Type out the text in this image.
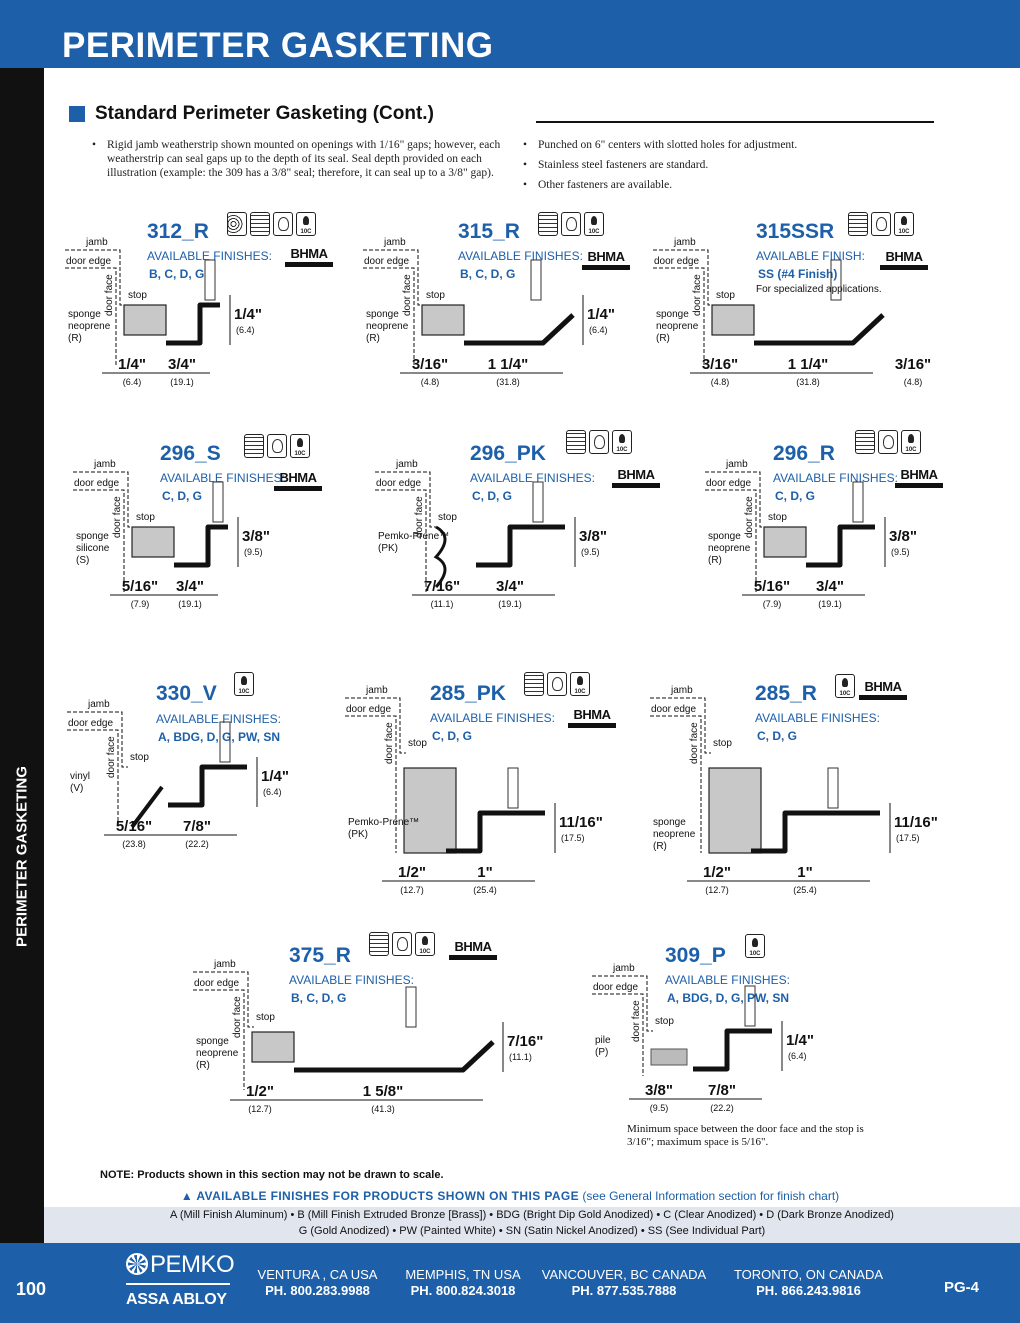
PERIMETER GASKETING
PERIMETER GASKETING
Standard Perimeter Gasketing (Cont.)
• Rigid jamb weatherstrip shown mounted on openings with 1/16" gaps; however, each weatherstrip can seal gaps up to the depth of its seal. Seal depth provided on each illustration (example: the 309 has a 3/8" seal; therefore, it can seal up to a 3/8" gap).
• Punched on 6" centers with slotted holes for adjustment.
• Stainless steel fasteners are standard.
• Other fasteners are available.
312_R
10C
BHMA
AVAILABLE FINISHES:
B, C, D, G
315_R
10C
BHMA
AVAILABLE FINISHES:
B, C, D, G
315SSR
10C
BHMA
AVAILABLE FINISH:
SS (#4 Finish)
For specialized applications.
296_S
10C
BHMA
AVAILABLE FINISHES:
C, D, G
296_PK
10C
BHMA
AVAILABLE FINISHES:
C, D, G
296_R
10C
BHMA
AVAILABLE FINISHES:
C, D, G
330_V
10C
AVAILABLE FINISHES:
A, BDG, D, G, PW, SN
285_PK
10C
BHMA
AVAILABLE FINISHES:
C, D, G
285_R 10C	BHMA
AVAILABLE FINISHES:
C, D, G
375_R 10C	BHMA
AVAILABLE FINISHES:
B, C, D, G
309_P
10C
AVAILABLE FINISHES:
A, BDG, D, G, PW, SN
jamb
door edge
door face stop
sponge neoprene (R)
1/4"
(6.4)
3/4"
(19.1)
1/4"
(6.4)
jamb
door edge
door face stop
sponge neoprene (R)
3/16"
(4.8)
1 1/4"
(31.8)
1/4"
(6.4)
jamb
door edge
door face stop
sponge neoprene (R)
3/16"
(4.8)
1 1/4"
(31.8)
3/16"
(4.8)
jamb
door edge
door face stop
sponge silicone (S)
5/16"
(7.9)
3/4"
(19.1)
3/8"
(9.5)
jamb
door edge
door face stop
Pemko-Prene™ (PK)
7/16"
(11.1)
3/4"
(19.1)
3/8"
(9.5)
jamb
door edge
door face stop
sponge neoprene (R)
5/16"
(7.9)
3/4"
(19.1)
3/8"
(9.5)
jamb
door edge
door face stop
vinyl (V)
5/16"
(23.8)
7/8"
(22.2)
1/4"
(6.4)
jamb
door edge
door face stop
Pemko-Prene™ (PK)
1/2"
(12.7)
1"
(25.4)
11/16"
(17.5)
jamb
door edge
door face stop
sponge neoprene (R)
1/2"
(12.7)
1"
(25.4)
11/16"
(17.5)
jamb
door edge
door face stop
sponge neoprene (R)
1/2"
(12.7)
1 5/8"
(41.3)
7/16"
(11.1)
jamb
door edge
door face stop
pile (P)
3/8"
(9.5)
7/8"
(22.2)
1/4"
(6.4)
Minimum space between the door face and the stop is 3/16"; maximum space is 5/16".
NOTE: Products shown in this section may not be drawn to scale.
▲ AVAILABLE FINISHES FOR PRODUCTS SHOWN ON THIS PAGE (see General Information section for finish chart)
A (Mill Finish Aluminum) • B (Mill Finish Extruded Bronze [Brass]) • BDG (Bright Dip Gold Anodized) • C (Clear Anodized) • D (Dark Bronze Anodized)
G (Gold Anodized) • PW (Painted White) • SN (Satin Nickel Anodized) • SS (See Individual Part)
100
PEMKO
ASSA ABLOY
VENTURA , CA USA
PH. 800.283.9988
MEMPHIS, TN USA
PH. 800.824.3018
VANCOUVER, BC CANADA
PH. 877.535.7888
TORONTO, ON CANADA
PH. 866.243.9816	PG-4
